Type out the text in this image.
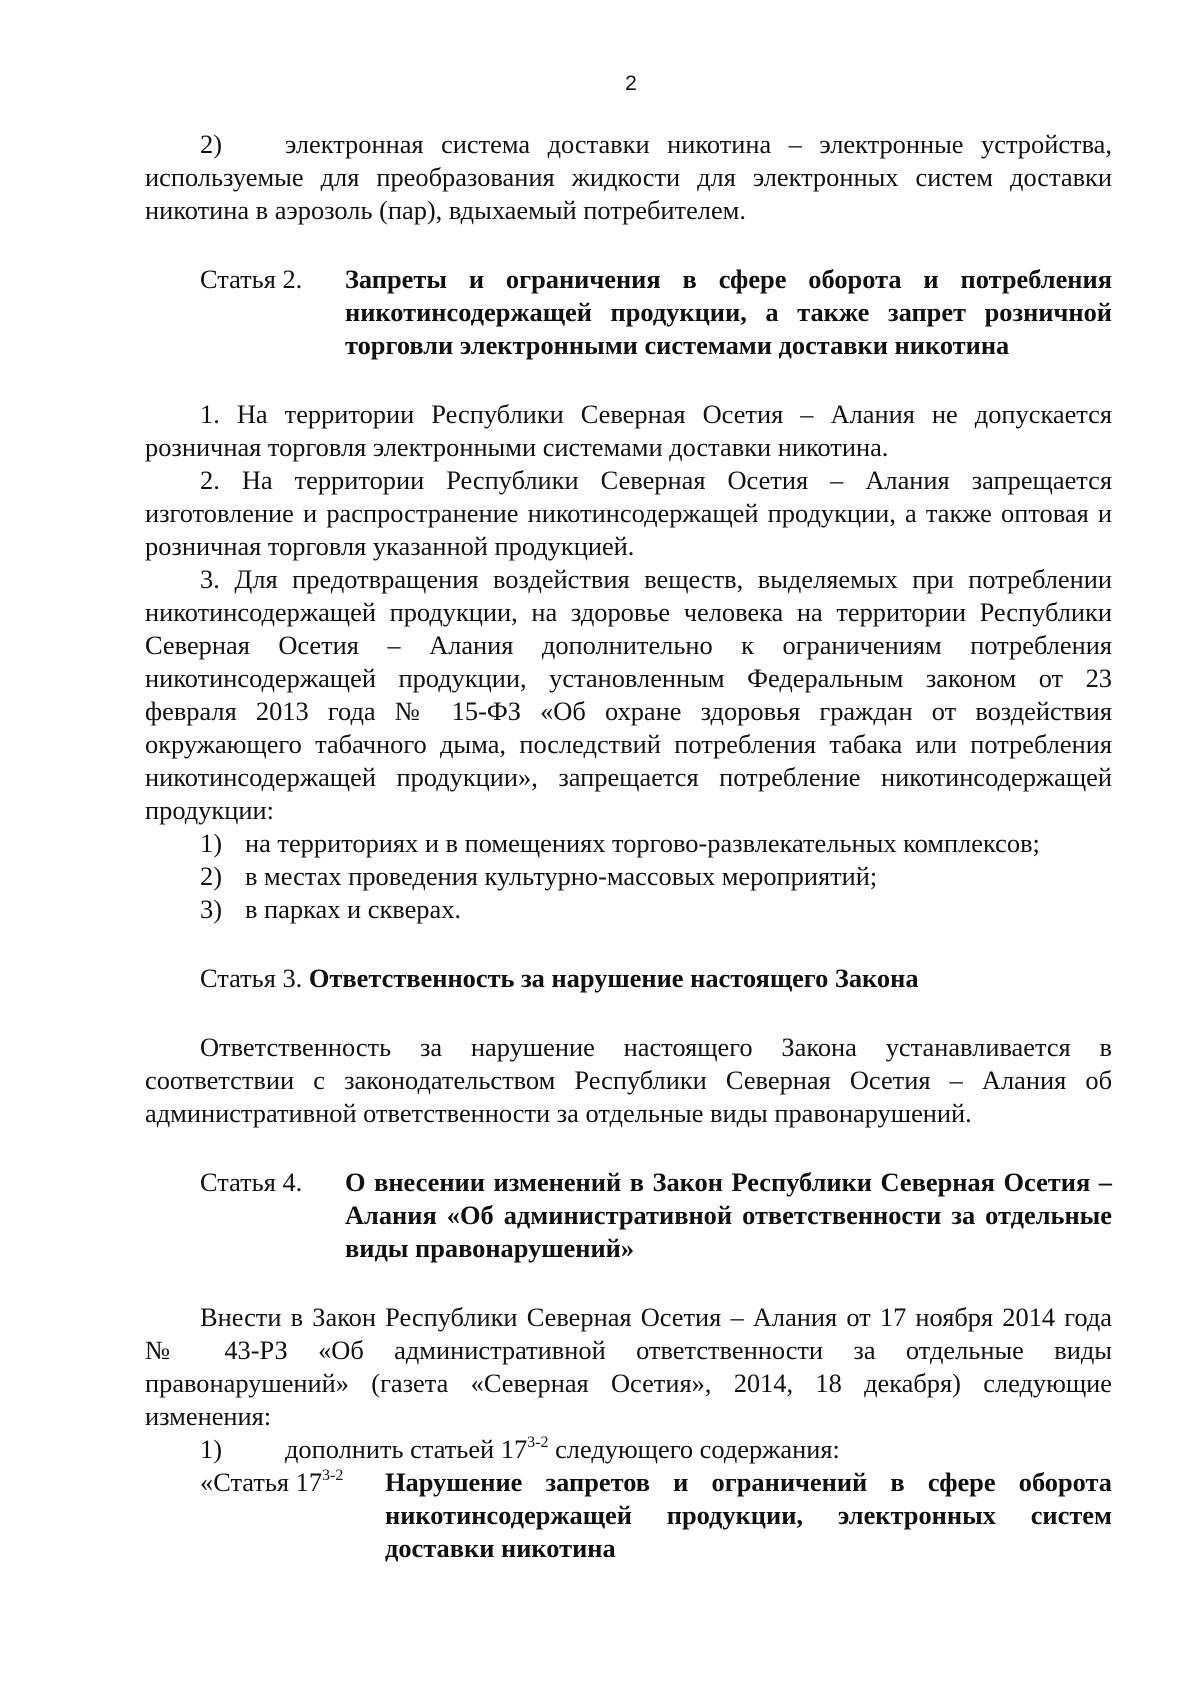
2

2) электронная система доставки никотина – электронные устройства, используемые для преобразования жидкости для электронных систем доставки никотина в аэрозоль (пар), вдыхаемый потребителем.

Статья 2. Запреты и ограничения в сфере оборота и потребления никотинсодержащей продукции, а также запрет розничной торговли электронными системами доставки никотина

1. На территории Республики Северная Осетия – Алания не допускается розничная торговля электронными системами доставки никотина.

2. На территории Республики Северная Осетия – Алания запрещается изготовление и распространение никотинсодержащей продукции, а также оптовая и розничная торговля указанной продукцией.

3. Для предотвращения воздействия веществ, выделяемых при потреблении никотинсодержащей продукции, на здоровье человека на территории Республики Северная Осетия – Алания дополнительно к ограничениям потребления никотинсодержащей продукции, установленным Федеральным законом от 23 февраля 2013 года № 15-ФЗ «Об охране здоровья граждан от воздействия окружающего табачного дыма, последствий потребления табака или потребления никотинсодержащей продукции», запрещается потребление никотинсодержащей продукции:

1) на территориях и в помещениях торгово-развлекательных комплексов;
2) в местах проведения культурно-массовых мероприятий;
3) в парках и скверах.
Статья 3. Ответственность за нарушение настоящего Закона

Ответственность за нарушение настоящего Закона устанавливается в соответствии с законодательством Республики Северная Осетия – Алания об административной ответственности за отдельные виды правонарушений.

Статья 4. О внесении изменений в Закон Республики Северная Осетия – Алания «Об административной ответственности за отдельные виды правонарушений»

Внести в Закон Республики Северная Осетия – Алания от 17 ноября 2014 года № 43-РЗ «Об административной ответственности за отдельные виды правонарушений» (газета «Северная Осетия», 2014, 18 декабря) следующие изменения:

1) дополнить статьей 17$^{3-2}$ следующего содержания:

«Статья 17$^{3-2}$ Нарушение запретов и ограничений в сфере оборота никотинсодержащей продукции, электронных систем доставки никотина
